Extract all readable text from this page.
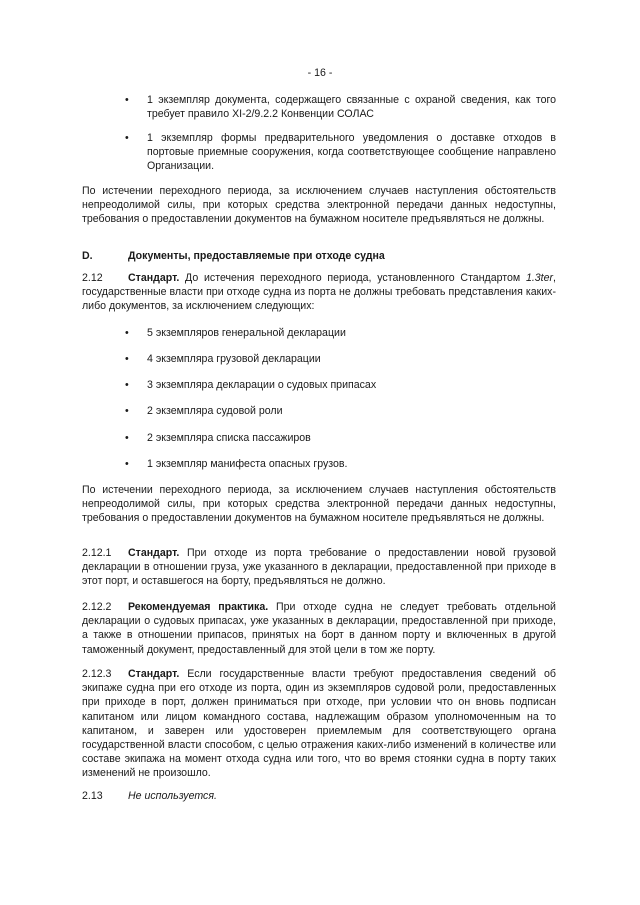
- 16 -
• 1 экземпляр документа, содержащего связанные с охраной сведения, как того требует правило XI-2/9.2.2 Конвенции СОЛАС
• 1 экземпляр формы предварительного уведомления о доставке отходов в портовые приемные сооружения, когда соответствующее сообщение направлено Организации.
По истечении переходного периода, за исключением случаев наступления обстоятельств непреодолимой силы, при которых средства электронной передачи данных недоступны, требования о предоставлении документов на бумажном носителе предъявляться не должны.
D.	Документы, предоставляемые при отходе судна
2.12 Стандарт. До истечения переходного периода, установленного Стандартом 1.3ter, государственные власти при отходе судна из порта не должны требовать представления каких-либо документов, за исключением следующих:
• 5 экземпляров генеральной декларации
• 4 экземпляра грузовой декларации
• 3 экземпляра декларации о судовых припасах
• 2 экземпляра судовой роли
• 2 экземпляра списка пассажиров
• 1 экземпляр манифеста опасных грузов.
По истечении переходного периода, за исключением случаев наступления обстоятельств непреодолимой силы, при которых средства электронной передачи данных недоступны, требования о предоставлении документов на бумажном носителе предъявляться не должны.
2.12.1 Стандарт. При отходе из порта требование о предоставлении новой грузовой декларации в отношении груза, уже указанного в декларации, предоставленной при приходе в этот порт, и оставшегося на борту, предъявляться не должно.
2.12.2 Рекомендуемая практика. При отходе судна не следует требовать отдельной декларации о судовых припасах, уже указанных в декларации, предоставленной при приходе, а также в отношении припасов, принятых на борт в данном порту и включенных в другой таможенный документ, предоставленный для этой цели в том же порту.
2.12.3 Стандарт. Если государственные власти требуют предоставления сведений об экипаже судна при его отходе из порта, один из экземпляров судовой роли, предоставленных при приходе в порт, должен приниматься при отходе, при условии что он вновь подписан капитаном или лицом командного состава, надлежащим образом уполномоченным на то капитаном, и заверен или удостоверен приемлемым для соответствующего органа государственной власти способом, с целью отражения каких-либо изменений в количестве или составе экипажа на момент отхода судна или того, что во время стоянки судна в порту таких изменений не произошло.
2.13 Не используется.
